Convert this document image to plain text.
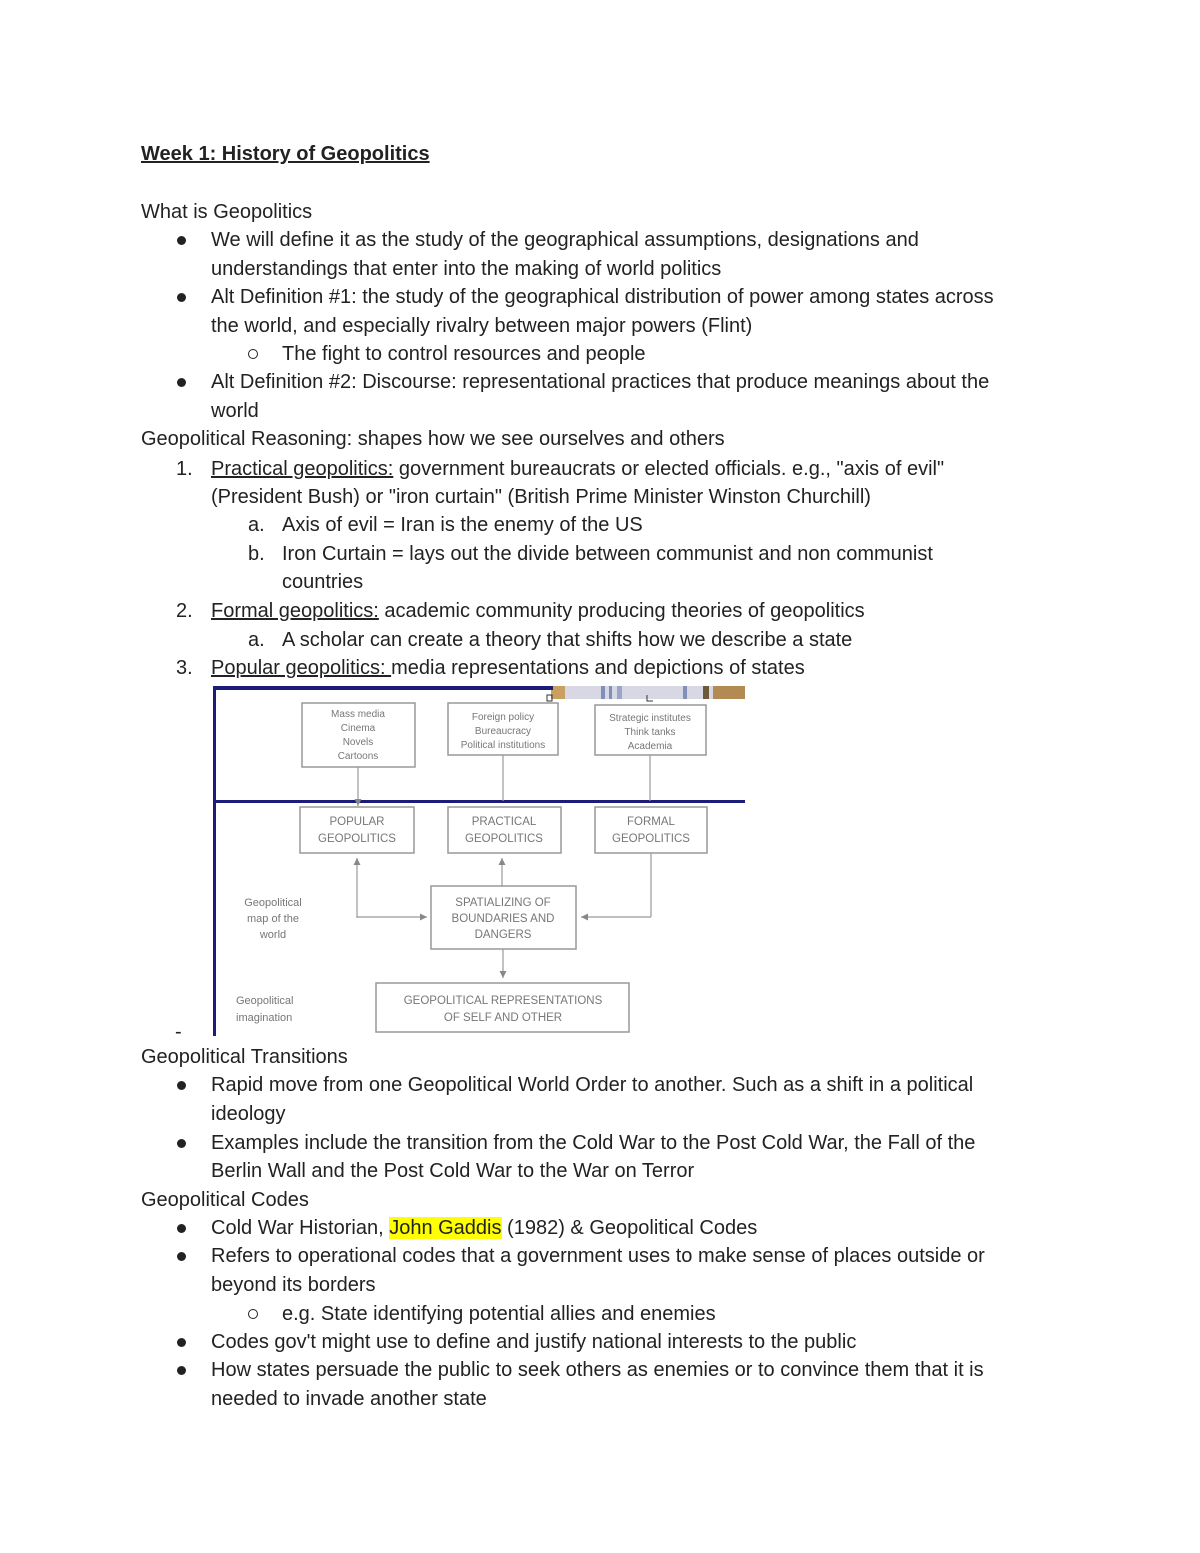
Week 1: History of Geopolitics
What is Geopolitics
We will define it as the study of the geographical assumptions, designations and
understandings that enter into the making of world politics
Alt Definition #1: the study of the geographical distribution of power among states across
the world, and especially rivalry between major powers (Flint)
The fight to control resources and people
Alt Definition #2: Discourse: representational practices that produce meanings about the
world
Geopolitical Reasoning: shapes how we see ourselves and others
1. Practical geopolitics: government bureaucrats or elected officials. e.g., "axis of evil"
(President Bush) or "iron curtain" (British Prime Minister Winston Churchill)
a. Axis of evil = Iran is the enemy of the US
b. Iron Curtain = lays out the divide between communist and non communist
countries
2. Formal geopolitics: academic community producing theories of geopolitics
a. A scholar can create a theory that shifts how we describe a state
3. Popular geopolitics: media representations and depictions of states
Mass media
Cinema
Novels
Cartoons
Foreign policy
Bureaucracy
Political institutions
Strategic institutes
Think tanks
Academia
POPULAR
GEOPOLITICS
PRACTICAL
GEOPOLITICS
FORMAL
GEOPOLITICS
SPATIALIZING OF
BOUNDARIES AND
DANGERS
GEOPOLITICAL REPRESENTATIONS
OF SELF AND OTHER
Geopolitical
map of the
world
Geopolitical
imagination
-
Geopolitical Transitions
Rapid move from one Geopolitical World Order to another. Such as a shift in a political
ideology
Examples include the transition from the Cold War to the Post Cold War, the Fall of the
Berlin Wall and the Post Cold War to the War on Terror
Geopolitical Codes
Cold War Historian, John Gaddis (1982) & Geopolitical Codes
Refers to operational codes that a government uses to make sense of places outside or
beyond its borders
e.g. State identifying potential allies and enemies
Codes gov't might use to define and justify national interests to the public
How states persuade the public to seek others as enemies or to convince them that it is
needed to invade another state
